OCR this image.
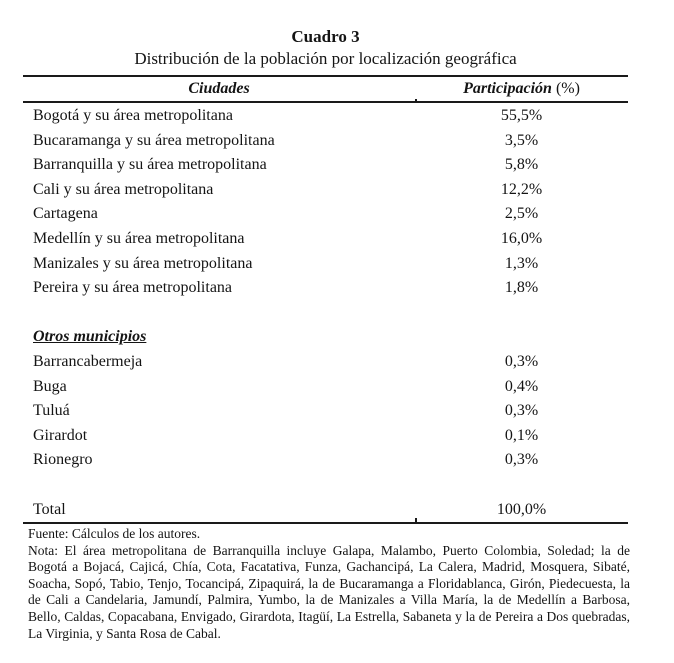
Cuadro 3
Distribución de la población por localización geográfica
Ciudades	Participación (%)
Bogotá y su área metropolitana	55,5%
Bucaramanga y su área metropolitana	3,5%
Barranquilla y su área metropolitana	5,8%
Cali y su área metropolitana	12,2%
Cartagena	2,5%
Medellín y su área metropolitana	16,0%
Manizales y su área metropolitana	1,3%
Pereira y su área metropolitana	1,8%
Otros municipios
Barrancabermeja	0,3%
Buga	0,4%
Tuluá	0,3%
Girardot	0,1%
Rionegro	0,3%
Total	100,0%
Fuente: Cálculos de los autores.
Nota: El área metropolitana de Barranquilla incluye Galapa, Malambo, Puerto Colombia, Soledad; la de Bogotá a Bojacá, Cajicá, Chía, Cota, Facatativa, Funza, Gachancipá, La Calera, Madrid, Mosquera, Sibaté, Soacha, Sopó, Tabio, Tenjo, Tocancipá, Zipaquirá, la de Bucaramanga a Floridablanca, Girón, Piedecuesta, la de Cali a Candelaria, Jamundí, Palmira, Yumbo, la de Manizales a Villa María, la de Medellín a Barbosa, Bello, Caldas, Copacabana, Envigado, Girardota, Itagüí, La Estrella, Sabaneta y la de Pereira a Dos quebradas, La Virginia, y Santa Rosa de Cabal.
